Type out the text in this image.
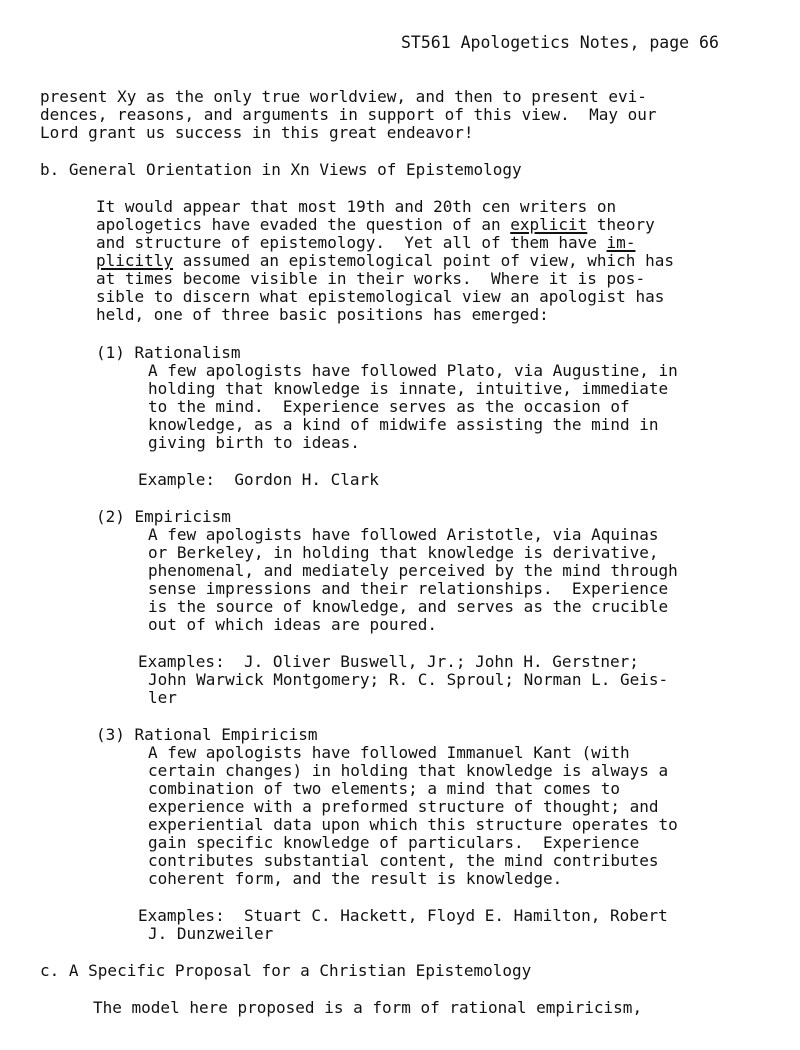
ST561 Apologetics Notes, page 66
present Xy as the only true worldview, and then to present evi-
dences, reasons, and arguments in support of this view.  May our
Lord grant us success in this great endeavor!
b. General Orientation in Xn Views of Epistemology
It would appear that most 19th and 20th cen writers on
apologetics have evaded the question of an explicit theory
and structure of epistemology.  Yet all of them have im-
plicitly assumed an epistemological point of view, which has
at times become visible in their works.  Where it is pos-
sible to discern what epistemological view an apologist has
held, one of three basic positions has emerged:
(1) Rationalism
A few apologists have followed Plato, via Augustine, in
holding that knowledge is innate, intuitive, immediate
to the mind.  Experience serves as the occasion of
knowledge, as a kind of midwife assisting the mind in
giving birth to ideas.
Example:  Gordon H. Clark
(2) Empiricism
A few apologists have followed Aristotle, via Aquinas
or Berkeley, in holding that knowledge is derivative,
phenomenal, and mediately perceived by the mind through
sense impressions and their relationships.  Experience
is the source of knowledge, and serves as the crucible
out of which ideas are poured.
Examples:  J. Oliver Buswell, Jr.; John H. Gerstner;
John Warwick Montgomery; R. C. Sproul; Norman L. Geis-
ler
(3) Rational Empiricism
A few apologists have followed Immanuel Kant (with
certain changes) in holding that knowledge is always a
combination of two elements; a mind that comes to
experience with a preformed structure of thought; and
experiential data upon which this structure operates to
gain specific knowledge of particulars.  Experience
contributes substantial content, the mind contributes
coherent form, and the result is knowledge.
Examples:  Stuart C. Hackett, Floyd E. Hamilton, Robert
J. Dunzweiler
c. A Specific Proposal for a Christian Epistemology
The model here proposed is a form of rational empiricism,
